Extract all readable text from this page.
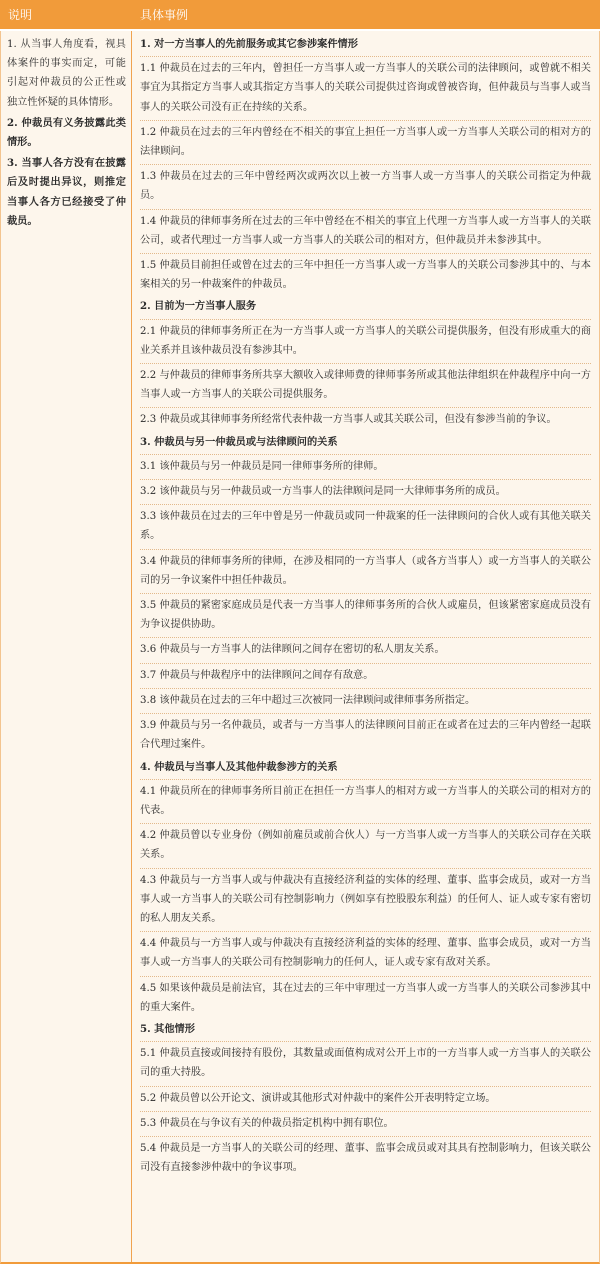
说明	具体事例

1. 从当事人角度看，视具体案件的事实而定，可能引起对仲裁员的公正性或独立性怀疑的具体情形。

2. 仲裁员有义务披露此类情形。

3. 当事人各方没有在披露后及时提出异议，则推定当事人各方已经接受了仲裁员。

1. 对一方当事人的先前服务或其它参涉案件情形

1.1 仲裁员在过去的三年内，曾担任一方当事人或一方当事人的关联公司的法律顾问，或曾就不相关事宜为其指定方当事人或其指定方当事人的关联公司提供过咨询或曾被咨询，但仲裁员与当事人或当事人的关联公司没有正在持续的关系。

1.2 仲裁员在过去的三年内曾经在不相关的事宜上担任一方当事人或一方当事人关联公司的相对方的法律顾问。

1.3 仲裁员在过去的三年中曾经两次或两次以上被一方当事人或一方当事人的关联公司指定为仲裁员。

1.4 仲裁员的律师事务所在过去的三年中曾经在不相关的事宜上代理一方当事人或一方当事人的关联公司，或者代理过一方当事人或一方当事人的关联公司的相对方，但仲裁员并未参涉其中。

1.5 仲裁员目前担任或曾在过去的三年中担任一方当事人或一方当事人的关联公司参涉其中的、与本案相关的另一仲裁案件的仲裁员。

2. 目前为一方当事人服务

2.1 仲裁员的律师事务所正在为一方当事人或一方当事人的关联公司提供服务，但没有形成重大的商业关系并且该仲裁员没有参涉其中。

2.2 与仲裁员的律师事务所共享大额收入或律师费的律师事务所或其他法律组织在仲裁程序中向一方当事人或一方当事人的关联公司提供服务。

2.3 仲裁员或其律师事务所经常代表仲裁一方当事人或其关联公司，但没有参涉当前的争议。

3. 仲裁员与另一仲裁员或与法律顾问的关系

3.1 该仲裁员与另一仲裁员是同一律师事务所的律师。

3.2 该仲裁员与另一仲裁员或一方当事人的法律顾问是同一大律师事务所的成员。

3.3 该仲裁员在过去的三年中曾是另一仲裁员或同一仲裁案的任一法律顾问的合伙人或有其他关联关系。

3.4 仲裁员的律师事务所的律师，在涉及相同的一方当事人（或各方当事人）或一方当事人的关联公司的另一争议案件中担任仲裁员。

3.5 仲裁员的紧密家庭成员是代表一方当事人的律师事务所的合伙人或雇员，但该紧密家庭成员没有为争议提供协助。

3.6 仲裁员与一方当事人的法律顾问之间存在密切的私人朋友关系。

3.7 仲裁员与仲裁程序中的法律顾问之间存有敌意。

3.8 该仲裁员在过去的三年中超过三次被同一法律顾问或律师事务所指定。

3.9 仲裁员与另一名仲裁员，或者与一方当事人的法律顾问目前正在或者在过去的三年内曾经一起联合代理过案件。

4. 仲裁员与当事人及其他仲裁参涉方的关系

4.1 仲裁员所在的律师事务所目前正在担任一方当事人的相对方或一方当事人的关联公司的相对方的代表。

4.2 仲裁员曾以专业身份（例如前雇员或前合伙人）与一方当事人或一方当事人的关联公司存在关联关系。

4.3 仲裁员与一方当事人或与仲裁决有直接经济利益的实体的经理、董事、监事会成员，或对一方当事人或一方当事人的关联公司有控制影响力（例如享有控股股东利益）的任何人、证人或专家有密切的私人朋友关系。

4.4 仲裁员与一方当事人或与仲裁决有直接经济利益的实体的经理、董事、监事会成员，或对一方当事人或一方当事人的关联公司有控制影响力的任何人，证人或专家有敌对关系。

4.5 如果该仲裁员是前法官，其在过去的三年中审理过一方当事人或一方当事人的关联公司参涉其中的重大案件。

5. 其他情形

5.1 仲裁员直接或间接持有股份，其数量或面值构成对公开上市的一方当事人或一方当事人的关联公司的重大持股。

5.2 仲裁员曾以公开论文、演讲或其他形式对仲裁中的案件公开表明特定立场。

5.3 仲裁员在与争议有关的仲裁员指定机构中拥有职位。

5.4 仲裁员是一方当事人的关联公司的经理、董事、监事会成员或对其具有控制影响力，但该关联公司没有直接参涉仲裁中的争议事项。
